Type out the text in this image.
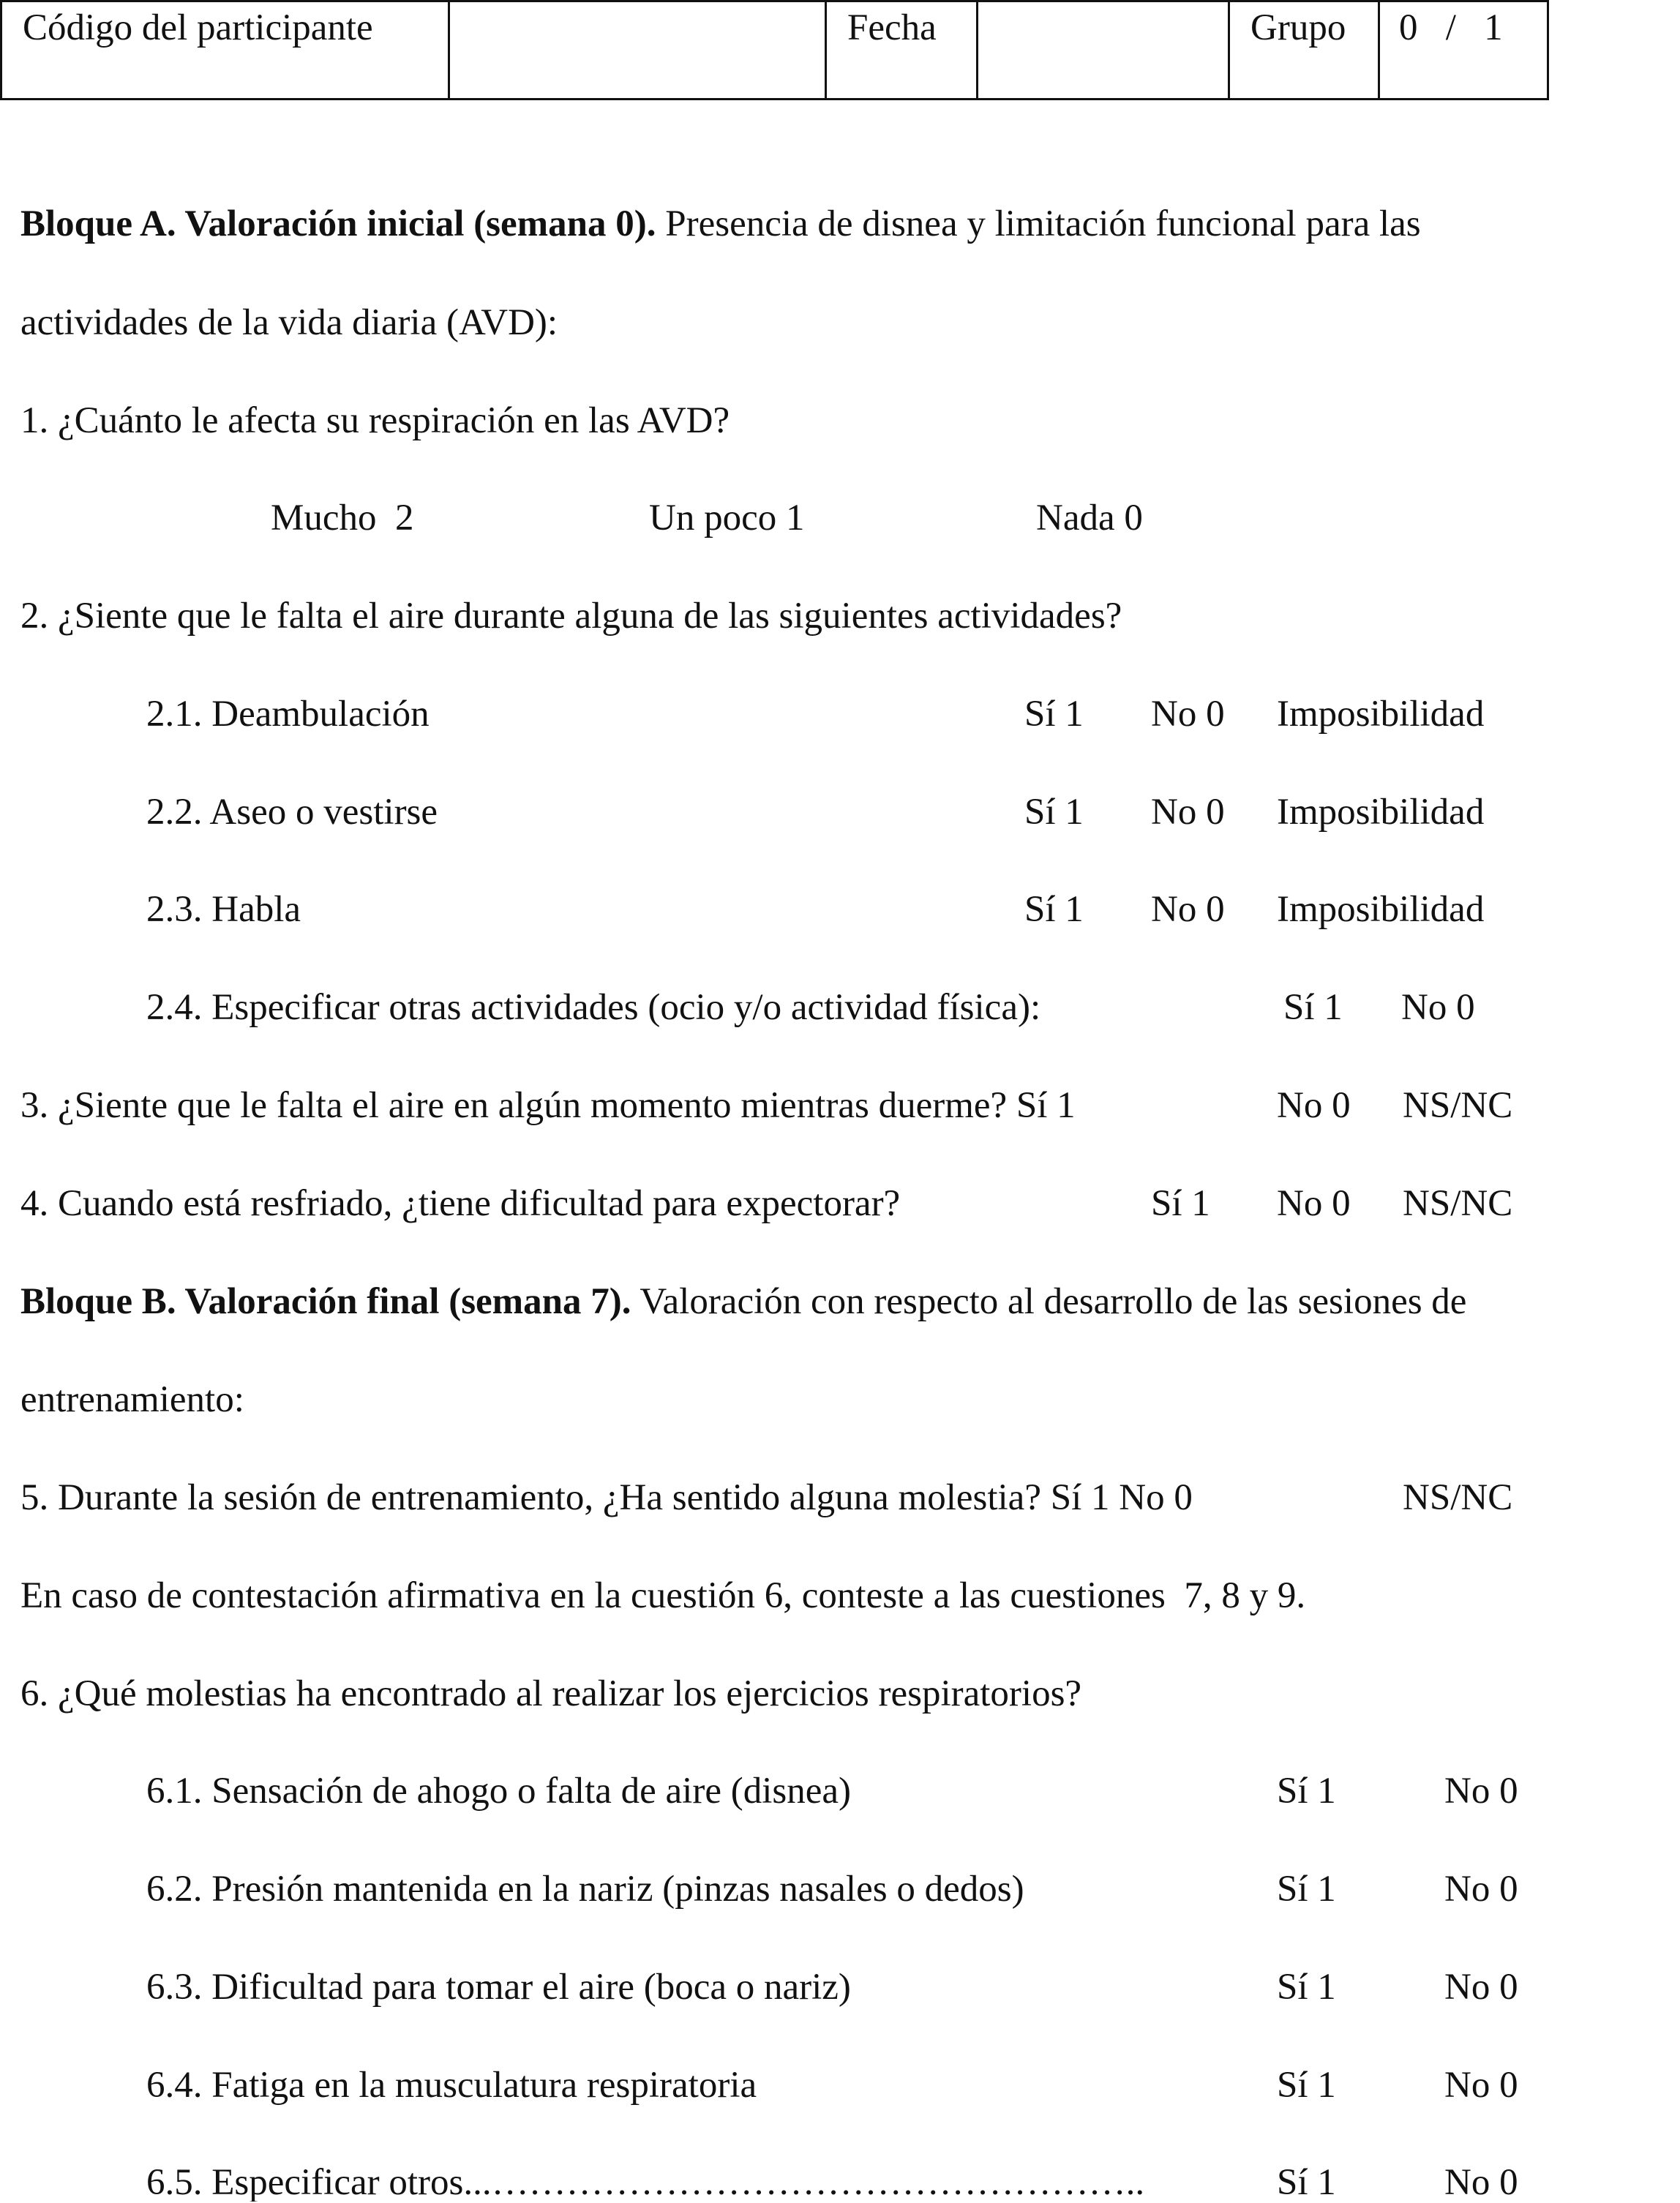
Código del participante		Fecha		Grupo	0   /   1
Bloque A. Valoración inicial (semana 0). Presencia de disnea y limitación funcional para las
actividades de la vida diaria (AVD):
1. ¿Cuánto le afecta su respiración en las AVD?
Mucho  2	Un poco 1	Nada 0
2. ¿Siente que le falta el aire durante alguna de las siguientes actividades?
2.1. Deambulación	Sí 1 No 0 Imposibilidad
2.2. Aseo o vestirse	Sí 1 No 0 Imposibilidad
2.3. Habla	Sí 1 No 0 Imposibilidad
2.4. Especificar otras actividades (ocio y/o actividad física):	Sí 1 No 0
3. ¿Siente que le falta el aire en algún momento mientras duerme? Sí 1	No 0 NS/NC
4. Cuando está resfriado, ¿tiene dificultad para expectorar?	Sí 1 No 0 NS/NC
Bloque B. Valoración final (semana 7). Valoración con respecto al desarrollo de las sesiones de
entrenamiento:
5. Durante la sesión de entrenamiento, ¿Ha sentido alguna molestia? Sí 1 No 0	NS/NC
En caso de contestación afirmativa en la cuestión 6, conteste a las cuestiones  7, 8 y 9.
6. ¿Qué molestias ha encontrado al realizar los ejercicios respiratorios?
6.1. Sensación de ahogo o falta de aire (disnea)	Sí 1	No 0
6.2. Presión mantenida en la nariz (pinzas nasales o dedos)	Sí 1	No 0
6.3. Dificultad para tomar el aire (boca o nariz)	Sí 1	No 0
6.4. Fatiga en la musculatura respiratoria	Sí 1	No 0
6.5. Especificar otros...……………………………………………..	Sí 1	No 0
